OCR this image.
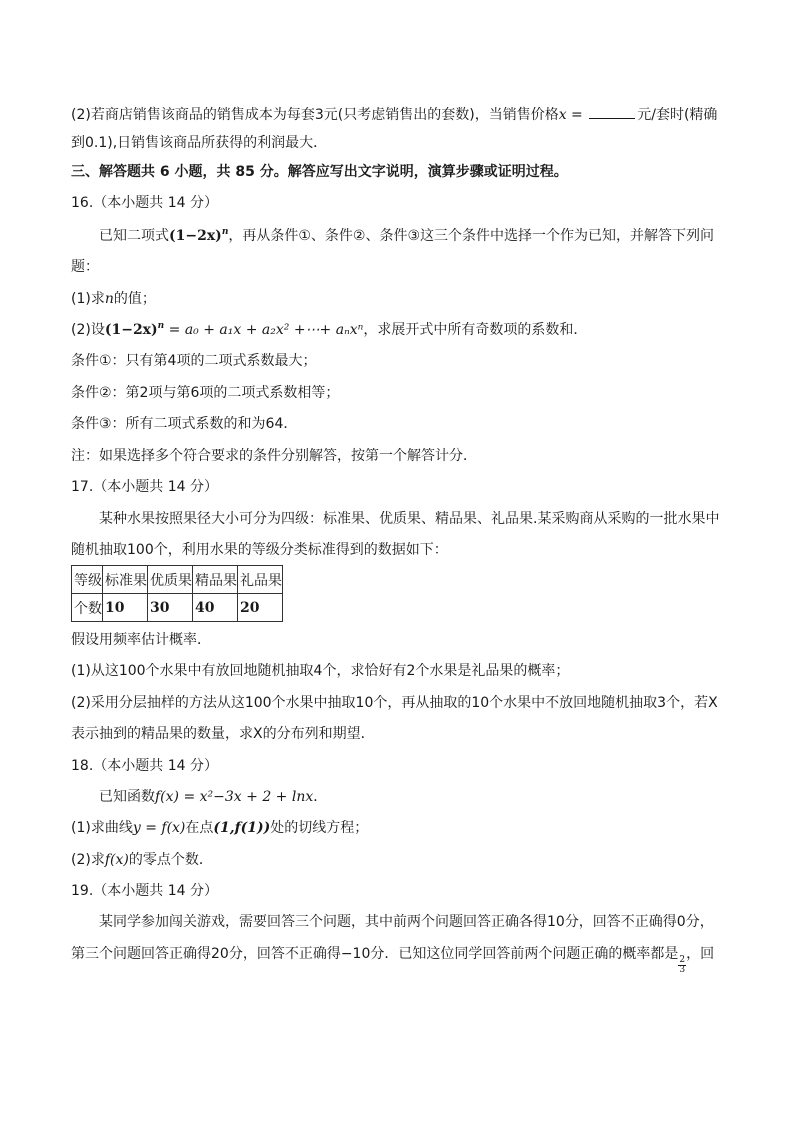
(2)若商店销售该商品的销售成本为每套3元(只考虑销售出的套数)，当销售价格x =	元/套时(精确
到0.1),日销售该商品所获得的利润最大．
三、解答题共 6 小题，共 85 分。解答应写出文字说明，演算步骤或证明过程。
16.（本小题共 14 分）
已知二项式$(1-2x)^n$，再从条件①、条件②、条件③这三个条件中选择一个作为已知，并解答下列问
题：
(1)求n的值；
(2)设$(1-2x)^n = a_0 + a_1x + a_2x^2$ +⋯+ aₙxⁿ，求展开式中所有奇数项的系数和．
条件①：只有第4项的二项式系数最大；
条件②：第2项与第6项的二项式系数相等；
条件③：所有二项式系数的和为64．
注：如果选择多个符合要求的条件分别解答，按第一个解答计分．
17.（本小题共 14 分）
某种水果按照果径大小可分为四级：标准果、优质果、精品果、礼品果.某采购商从采购的一批水果中
随机抽取100个，利用水果的等级分类标准得到的数据如下：
等级	标准果	优质果	精品果	礼品果
个数	10	30	40	20
假设用频率估计概率．
(1)从这100个水果中有放回地随机抽取4个，求恰好有2个水果是礼品果的概率；
(2)采用分层抽样的方法从这100个水果中抽取10个，再从抽取的10个水果中不放回地随机抽取3个，若X
表示抽到的精品果的数量，求X的分布列和期望．
18.（本小题共 14 分）
已知函数f(x) = x²−3x + 2 + lnx．
(1)求曲线y = f(x)在点(1,f(1))处的切线方程；
(2)求f(x)的零点个数．
19.（本小题共 14 分）
某同学参加闯关游戏，需要回答三个问题，其中前两个问题回答正确各得10分，回答不正确得0分，
第三个问题回答正确得20分，回答不正确得−10分．已知这位同学回答前两个问题正确的概率都是
$\frac{2}{3}$
，回
